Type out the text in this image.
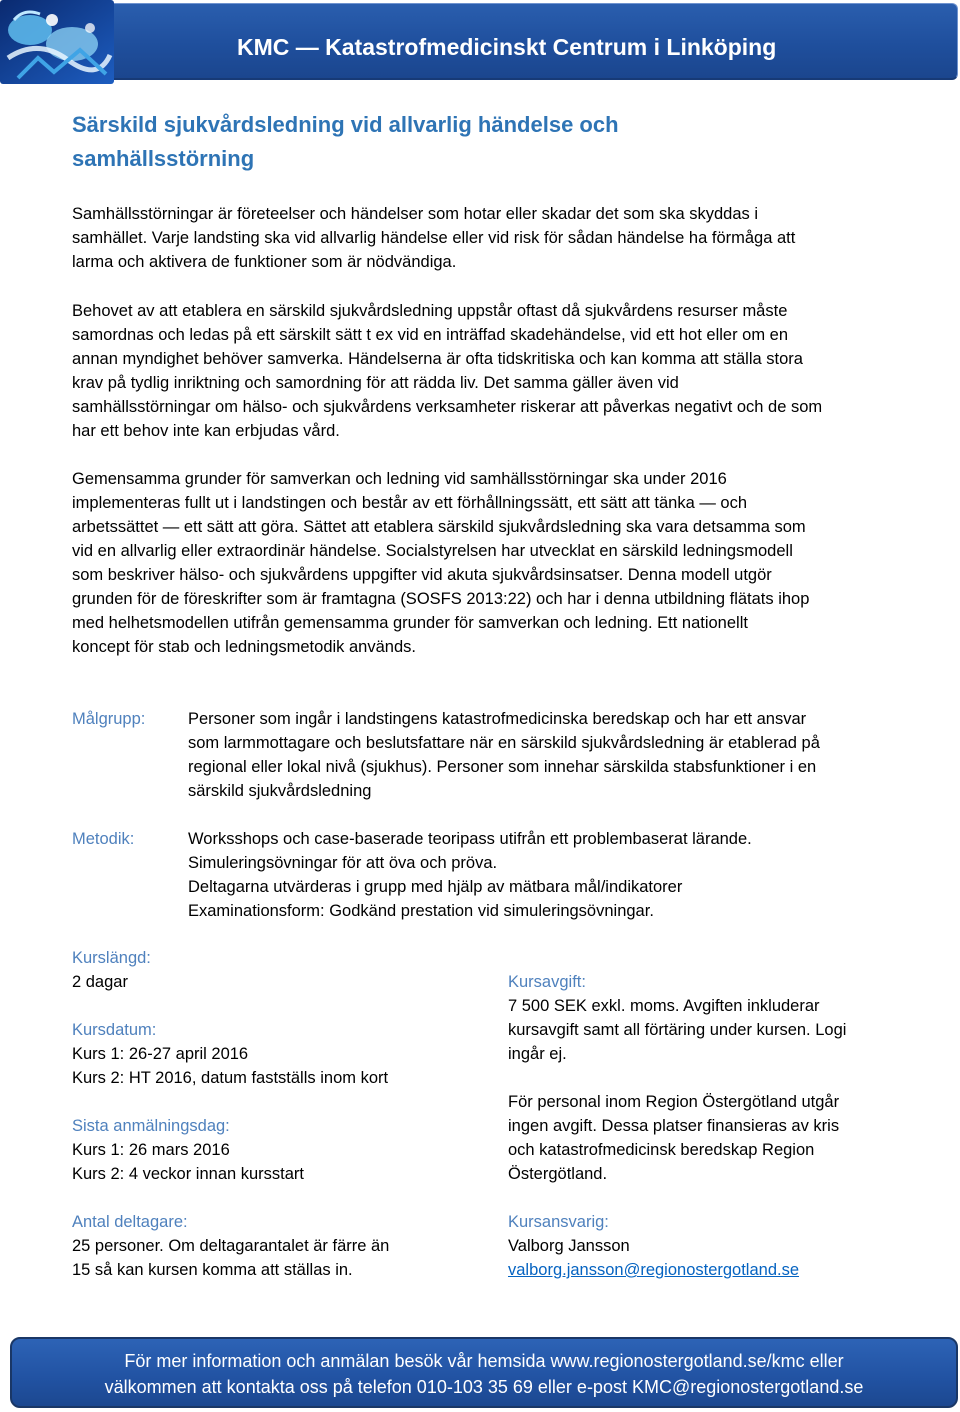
KMC — Katastrofmedicinskt Centrum i Linköping
Särskild sjukvårdsledning vid allvarlig händelse och
samhällsstörning
Samhällsstörningar är företeelser och händelser som hotar eller skadar det som ska skyddas i
samhället. Varje landsting ska vid allvarlig händelse eller vid risk för sådan händelse ha förmåga att
larma och aktivera de funktioner som är nödvändiga.
Behovet av att etablera en särskild sjukvårdsledning uppstår oftast då sjukvårdens resurser måste
samordnas och ledas på ett särskilt sätt t ex vid en inträffad skadehändelse, vid ett hot eller om en
annan myndighet behöver samverka. Händelserna är ofta tidskritiska och kan komma att ställa stora
krav på tydlig inriktning och samordning för att rädda liv. Det samma gäller även vid
samhällsstörningar om hälso- och sjukvårdens verksamheter riskerar att påverkas negativt och de som
har ett behov inte kan erbjudas vård.
Gemensamma grunder för samverkan och ledning vid samhällsstörningar ska under 2016
implementeras fullt ut i landstingen och består av ett förhållningssätt, ett sätt att tänka — och
arbetssättet — ett sätt att göra. Sättet att etablera särskild sjukvårdsledning ska vara detsamma som
vid en allvarlig eller extraordinär händelse. Socialstyrelsen har utvecklat en särskild ledningsmodell
som beskriver hälso- och sjukvårdens uppgifter vid akuta sjukvårdsinsatser. Denna modell utgör
grunden för de föreskrifter som är framtagna (SOSFS 2013:22) och har i denna utbildning flätats ihop
med helhetsmodellen utifrån gemensamma grunder för samverkan och ledning. Ett nationellt
koncept för stab och ledningsmetodik används.
Målgrupp:	Personer som ingår i landstingens katastrofmedicinska beredskap och har ett ansvar
som larmmottagare och beslutsfattare när en särskild sjukvårdsledning är etablerad på
regional eller lokal nivå (sjukhus). Personer som innehar särskilda stabsfunktioner i en
särskild sjukvårdsledning
Metodik:	Worksshops och case-baserade teoripass utifrån ett problembaserat lärande.
Simuleringsövningar för att öva och pröva.
Deltagarna utvärderas i grupp med hjälp av mätbara mål/indikatorer
Examinationsform: Godkänd prestation vid simuleringsövningar.
Kurslängd:
2 dagar
Kursdatum:
Kurs 1: 26-27 april 2016
Kurs 2: HT 2016, datum fastställs inom kort
Sista anmälningsdag:
Kurs 1: 26 mars 2016
Kurs 2: 4 veckor innan kursstart
Antal deltagare:
25 personer. Om deltagarantalet är färre än
15 så kan kursen komma att ställas in.
Kursavgift:
7 500 SEK exkl. moms. Avgiften inkluderar
kursavgift samt all förtäring under kursen. Logi
ingår ej.
För personal inom Region Östergötland utgår
ingen avgift. Dessa platser finansieras av kris
och katastrofmedicinsk beredskap Region
Östergötland.
Kursansvarig:
Valborg Jansson
valborg.jansson@regionostergotland.se
För mer information och anmälan besök vår hemsida www.regionostergotland.se/kmc eller
välkommen att kontakta oss på telefon 010-103 35 69 eller e-post KMC@regionostergotland.se
